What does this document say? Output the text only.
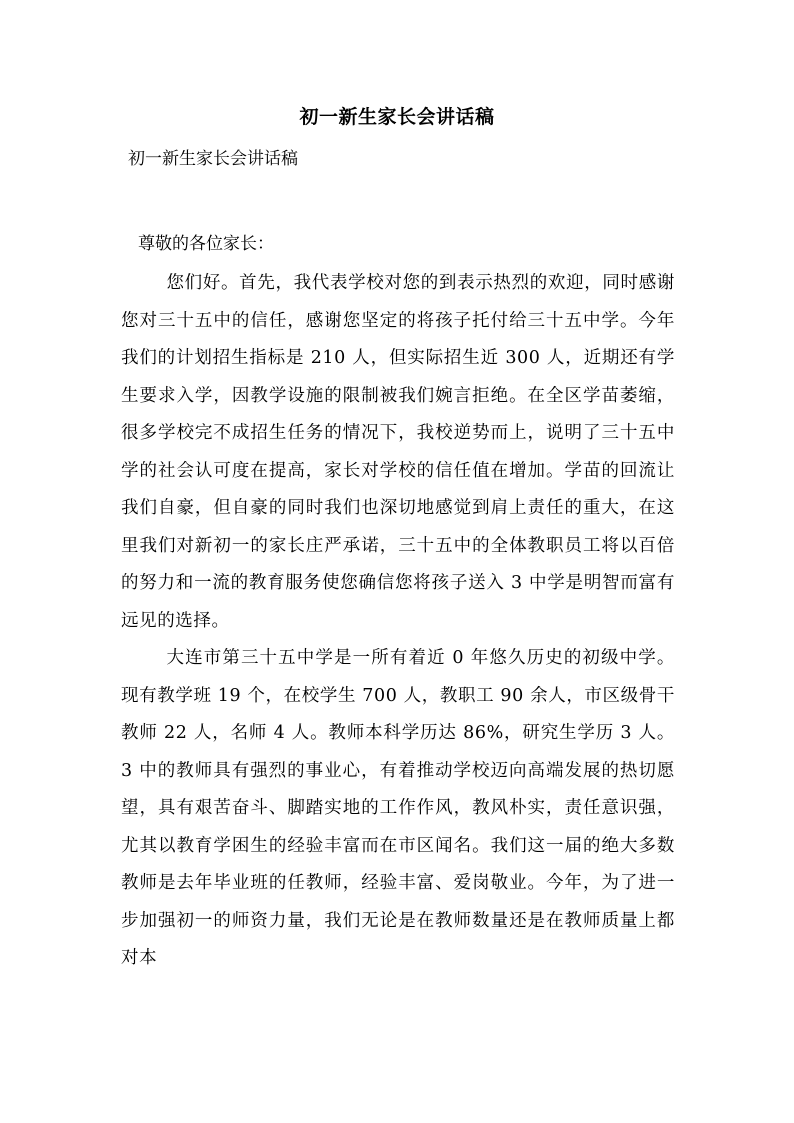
初一新生家长会讲话稿
初一新生家长会讲话稿
尊敬的各位家长：

您们好。首先，我代表学校对您的到表示热烈的欢迎，同时感谢您对三十五中的信任，感谢您坚定的将孩子托付给三十五中学。今年我们的计划招生指标是 210 人，但实际招生近 300 人，近期还有学生要求入学，因教学设施的限制被我们婉言拒绝。在全区学苗萎缩，很多学校完不成招生任务的情况下，我校逆势而上，说明了三十五中学的社会认可度在提高，家长对学校的信任值在增加。学苗的回流让我们自豪，但自豪的同时我们也深切地感觉到肩上责任的重大，在这里我们对新初一的家长庄严承诺，三十五中的全体教职员工将以百倍的努力和一流的教育服务使您确信您将孩子送入 3 中学是明智而富有远见的选择。

大连市第三十五中学是一所有着近 0 年悠久历史的初级中学。现有教学班 19 个，在校学生 700 人，教职工 90 余人，市区级骨干教师 22 人，名师 4 人。教师本科学历达 86%，研究生学历 3 人。3 中的教师具有强烈的事业心，有着推动学校迈向高端发展的热切愿望，具有艰苦奋斗、脚踏实地的工作作风，教风朴实，责任意识强，尤其以教育学困生的经验丰富而在市区闻名。我们这一届的绝大多数教师是去年毕业班的任教师，经验丰富、爱岗敬业。今年，为了进一步加强初一的师资力量，我们无论是在教师数量还是在教师质量上都对本
